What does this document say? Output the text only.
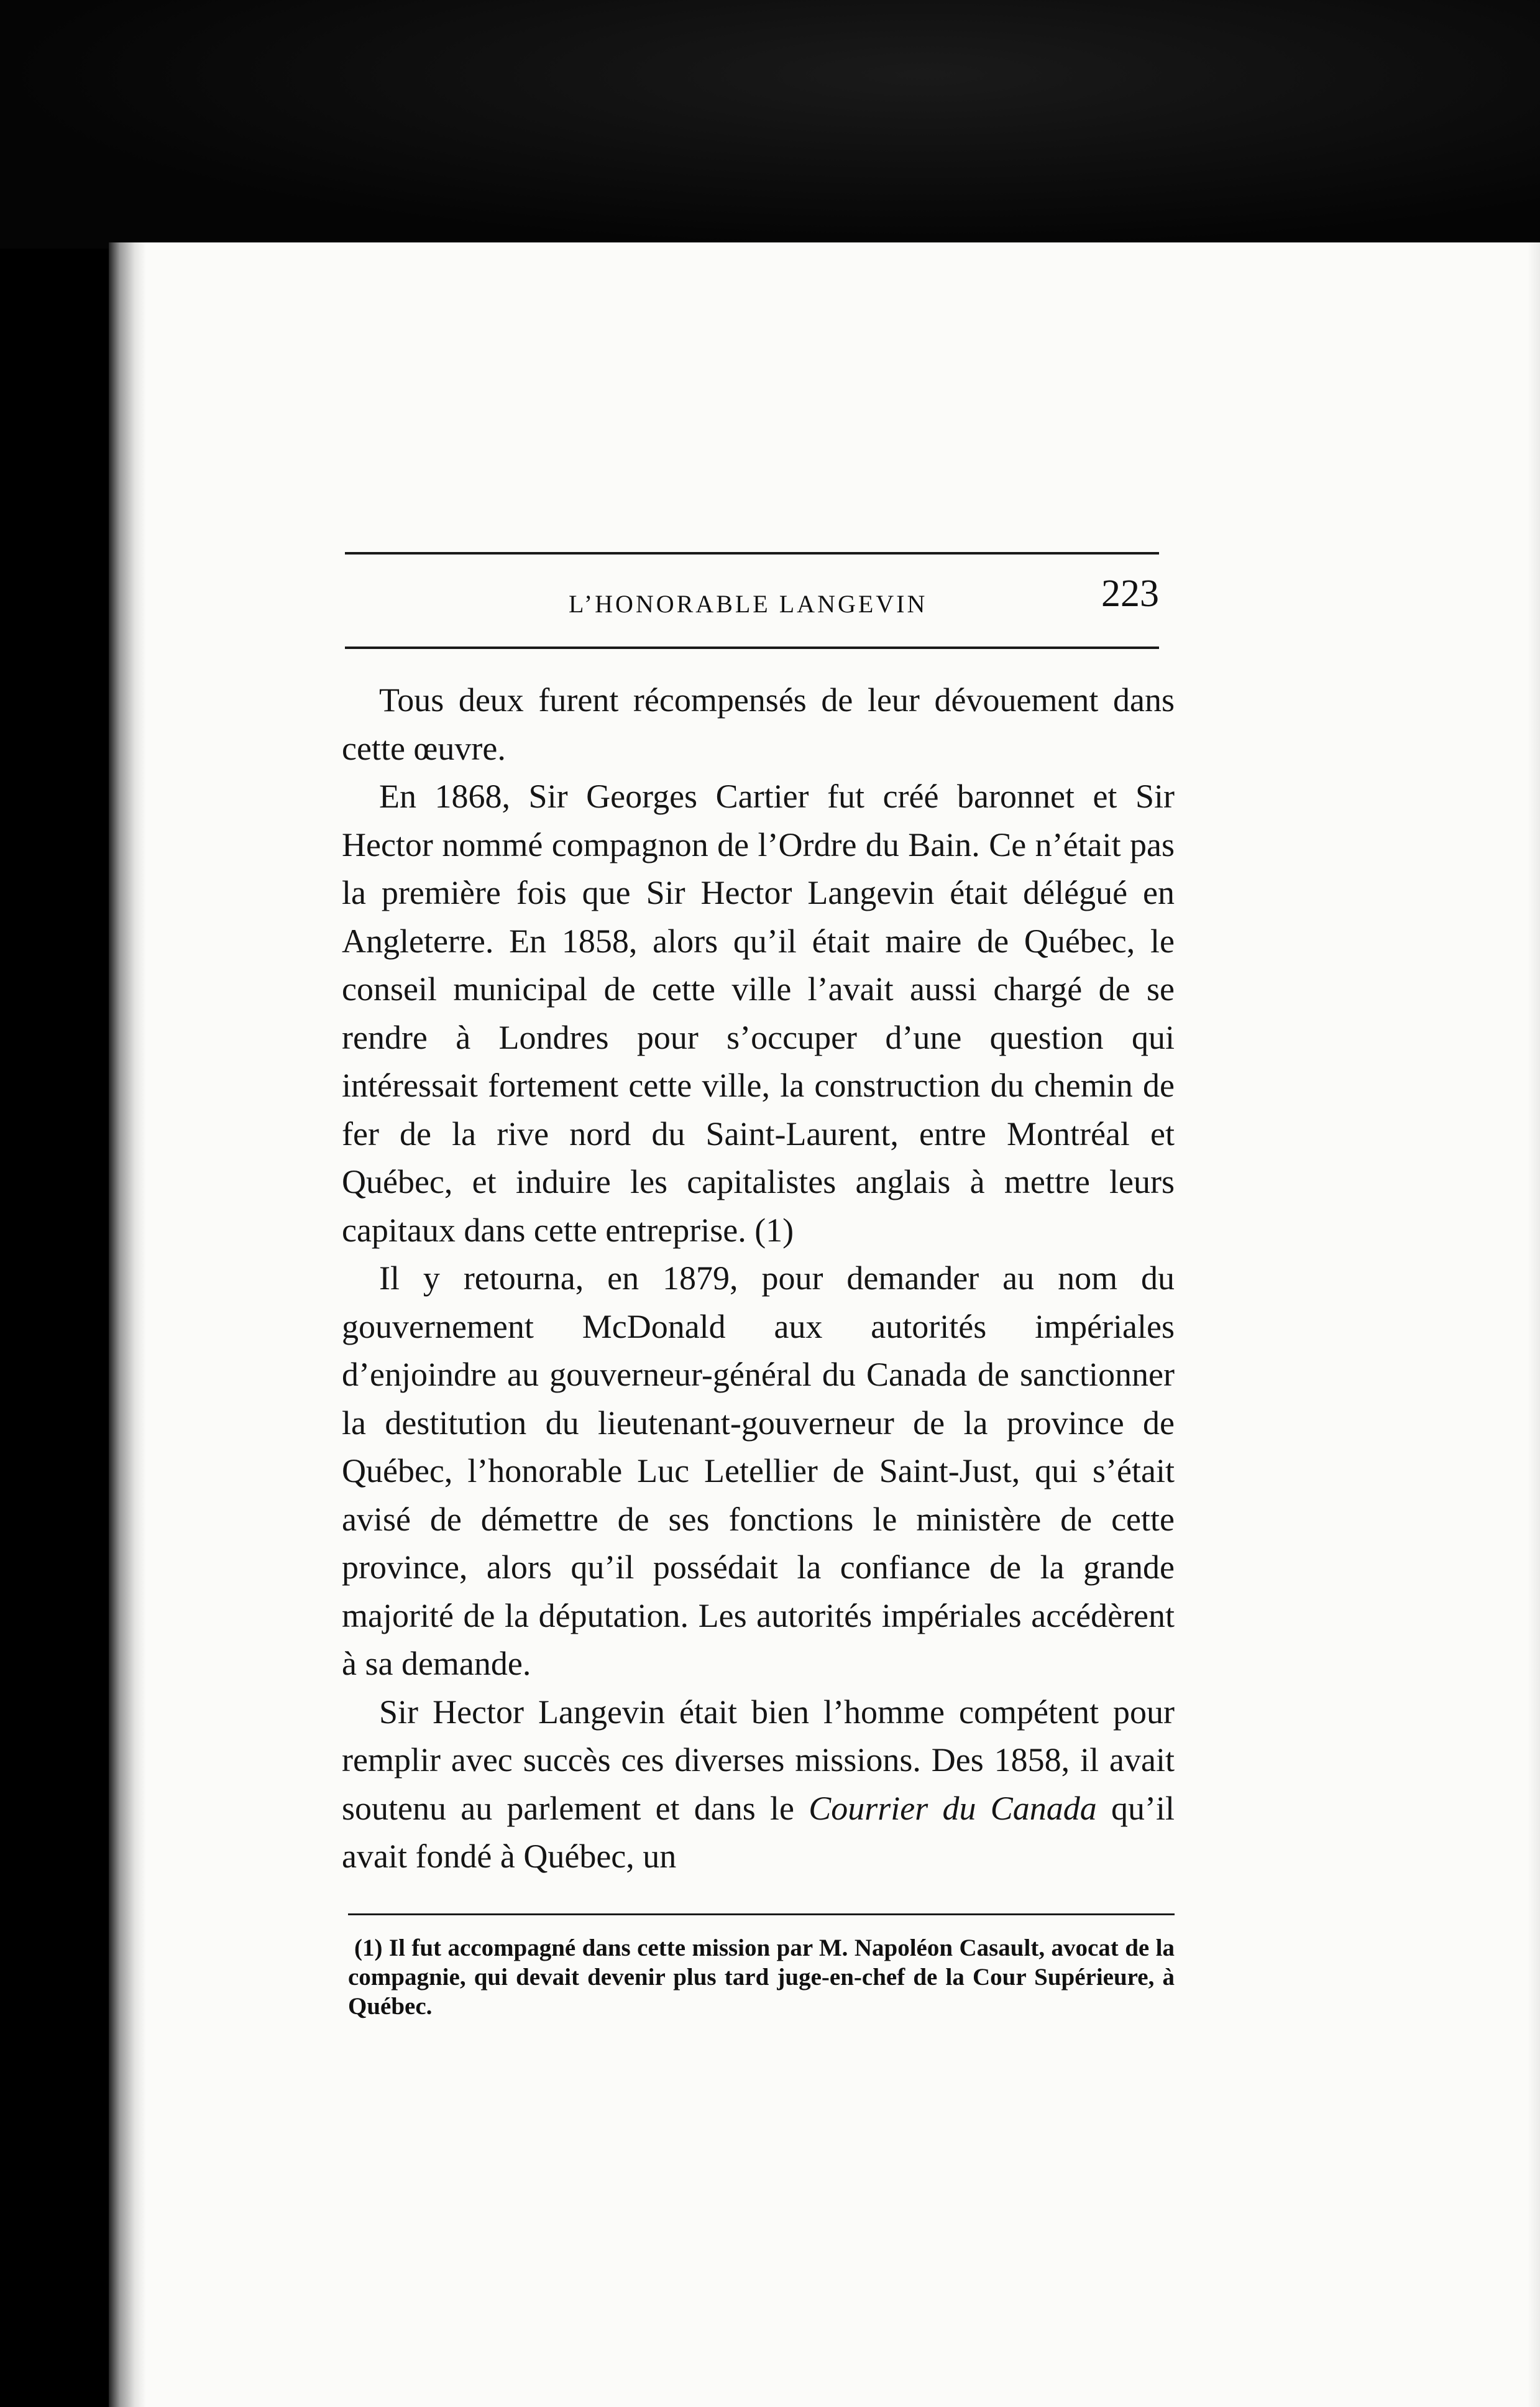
L’HONORABLE LANGEVIN	223

Tous deux furent récompensés de leur dévouement dans cette œuvre.

En 1868, Sir Georges Cartier fut créé baronnet et Sir Hector nommé compagnon de l’Ordre du Bain. Ce n’était pas la première fois que Sir Hector Langevin était délégué en Angleterre. En 1858, alors qu’il était maire de Québec, le conseil municipal de cette ville l’avait aussi chargé de se rendre à Londres pour s’occuper d’une question qui intéressait fortement cette ville, la construction du chemin de fer de la rive nord du Saint-Laurent, entre Montréal et Québec, et induire les capitalistes anglais à mettre leurs capitaux dans cette entreprise. (1)

Il y retourna, en 1879, pour demander au nom du gouvernement McDonald aux autorités impériales d’enjoindre au gouverneur-général du Canada de sanctionner la destitution du lieutenant-gouverneur de la province de Québec, l’honorable Luc Letellier de Saint-Just, qui s’était avisé de démettre de ses fonctions le ministère de cette province, alors qu’il possédait la confiance de la grande majorité de la députation. Les autorités impériales accédèrent à sa demande.

Sir Hector Langevin était bien l’homme compétent pour remplir avec succès ces diverses missions. Des 1858, il avait soutenu au parlement et dans le Courrier du Canada qu’il avait fondé à Québec, un

(1) Il fut accompagné dans cette mission par M. Napoléon Casault, avocat de la compagnie, qui devait devenir plus tard juge-en-chef de la Cour Supérieure, à Québec.
